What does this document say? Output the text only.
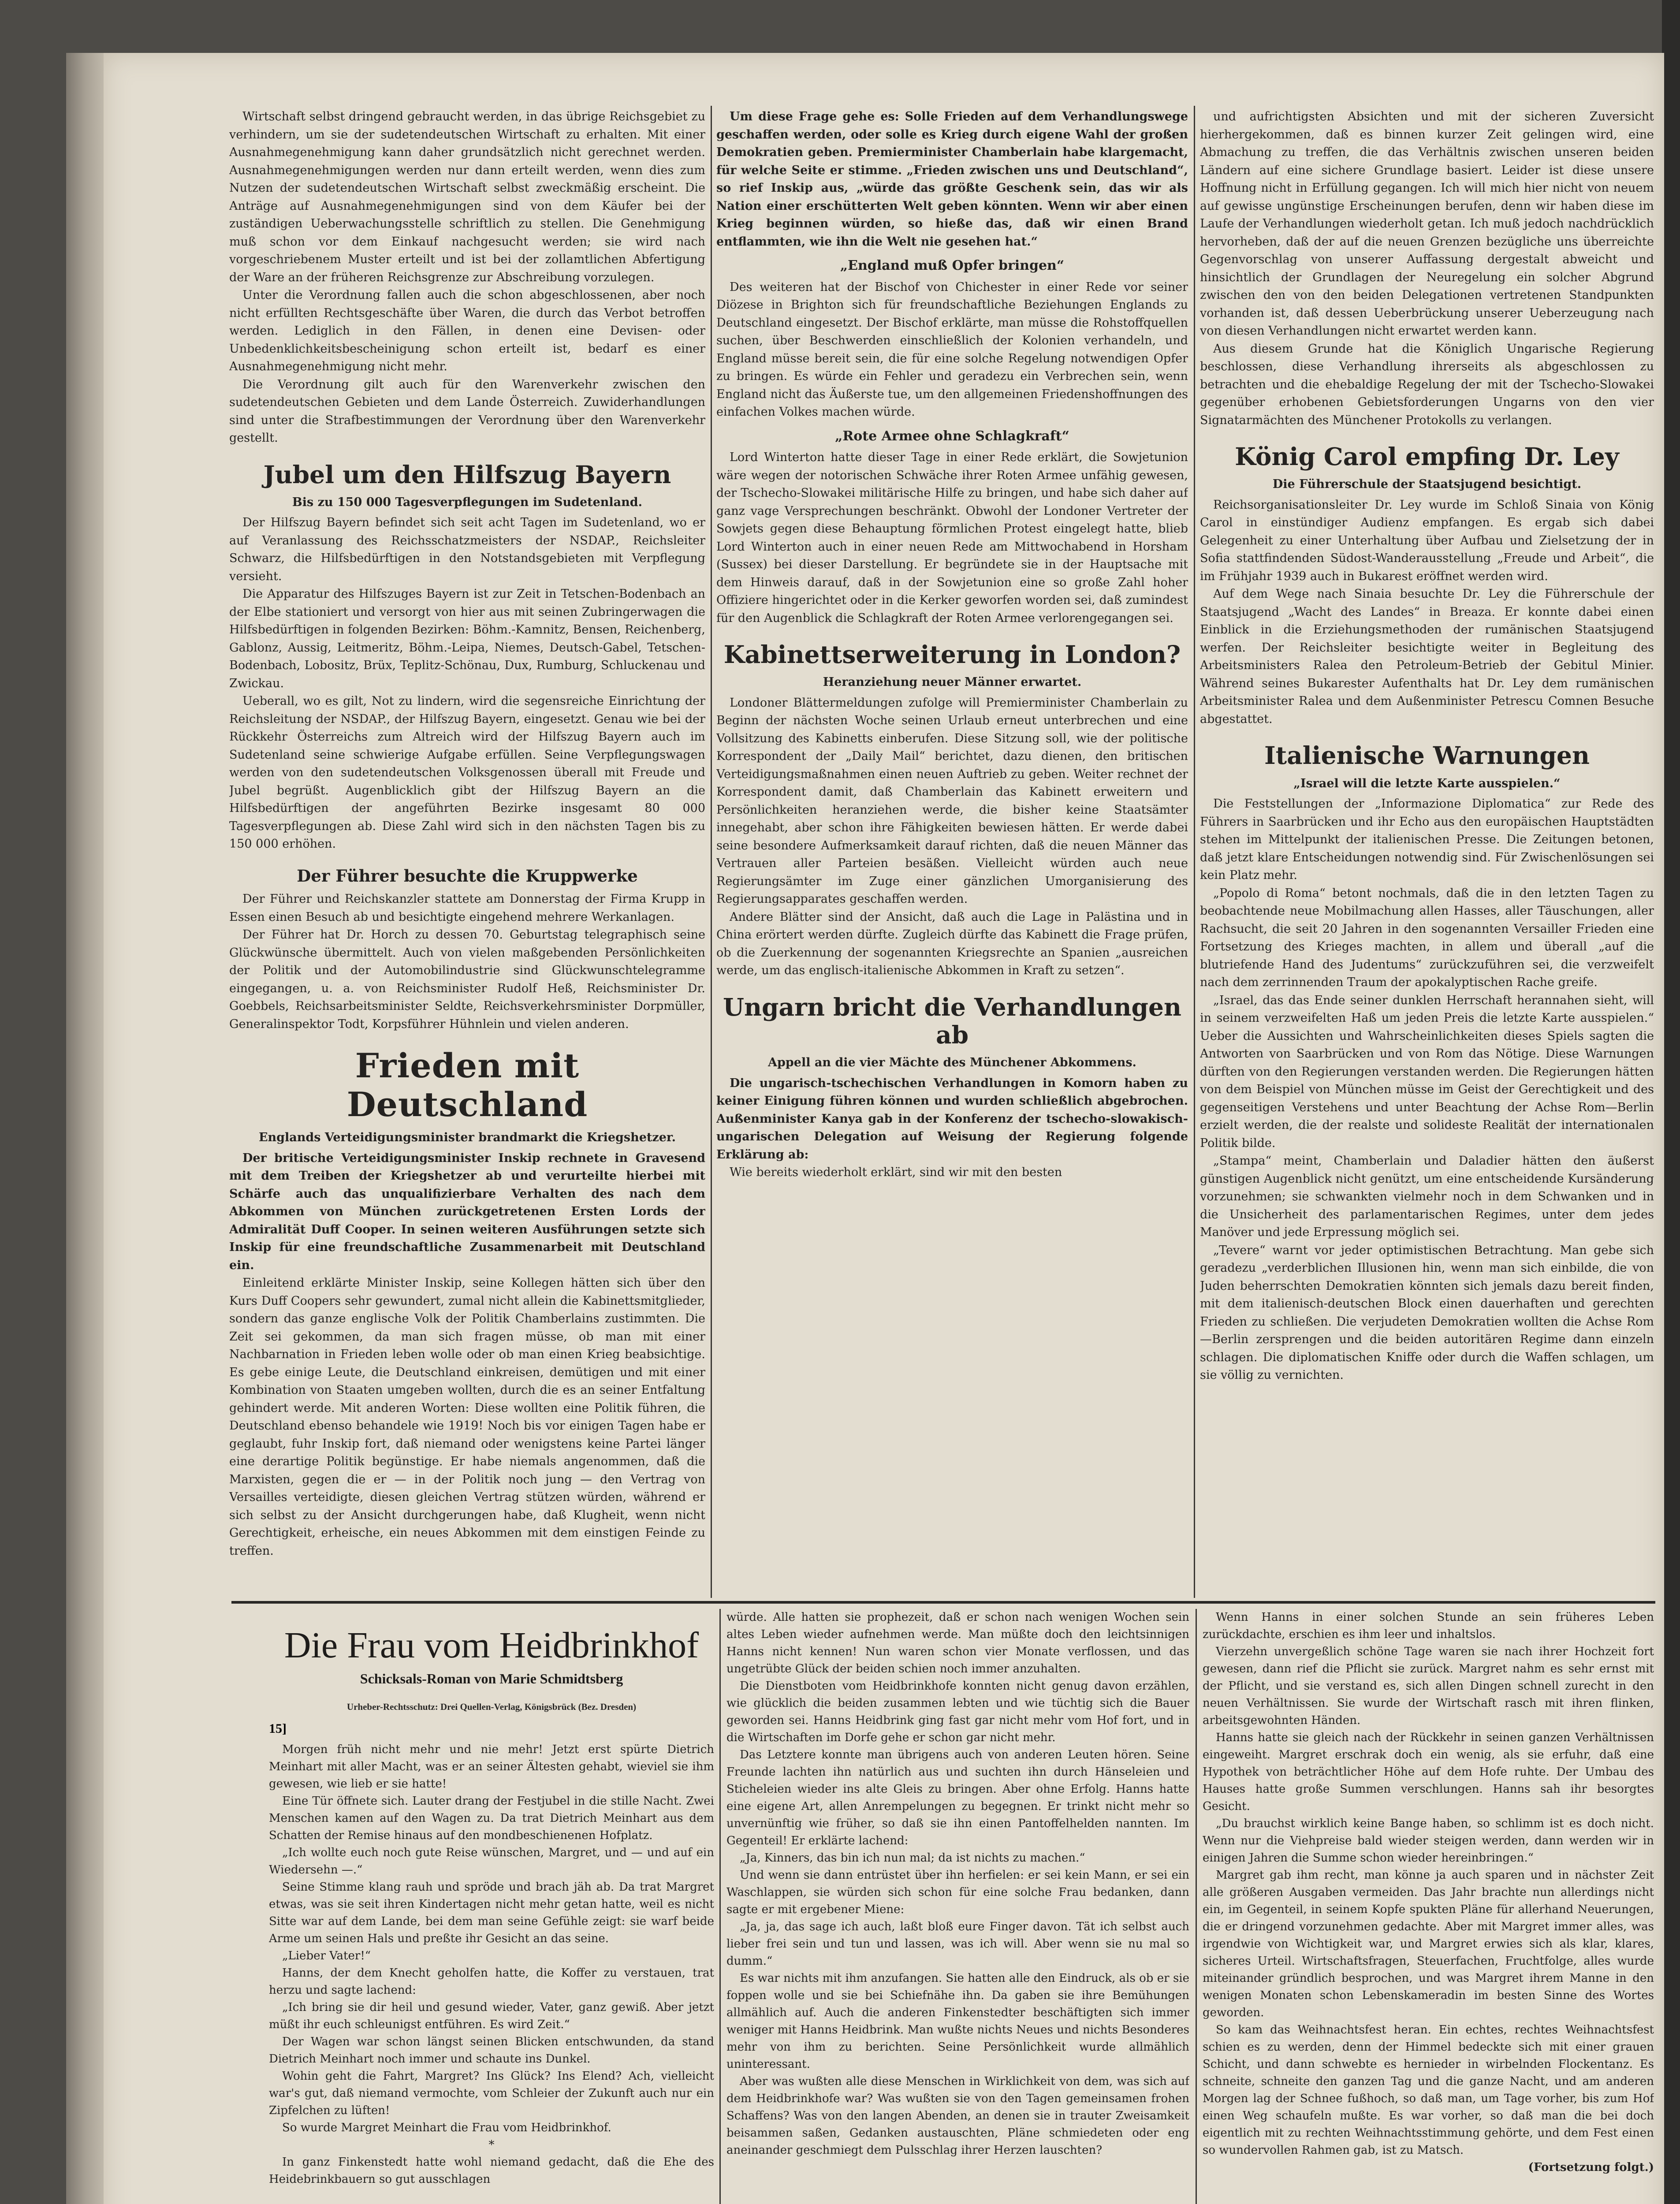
Wirtschaft selbst dringend gebraucht werden, in das übrige Reichsgebiet zu verhindern, um sie der sudetendeutschen Wirtschaft zu erhalten. Mit einer Ausnahmegenehmigung kann daher grundsätzlich nicht gerechnet werden. Ausnahmegenehmigungen werden nur dann erteilt werden, wenn dies zum Nutzen der sudetendeutschen Wirtschaft selbst zweckmäßig erscheint. Die Anträge auf Ausnahmegenehmigungen sind von dem Käufer bei der zuständigen Ueberwachungsstelle schriftlich zu stellen. Die Genehmigung muß schon vor dem Einkauf nachgesucht werden; sie wird nach vorgeschriebenem Muster erteilt und ist bei der zollamtlichen Abfertigung der Ware an der früheren Reichsgrenze zur Abschreibung vorzulegen.

Unter die Verordnung fallen auch die schon abgeschlossenen, aber noch nicht erfüllten Rechtsgeschäfte über Waren, die durch das Verbot betroffen werden. Lediglich in den Fällen, in denen eine Devisen- oder Unbedenklichkeitsbescheinigung schon erteilt ist, bedarf es einer Ausnahmegenehmigung nicht mehr.

Die Verordnung gilt auch für den Warenverkehr zwischen den sudetendeutschen Gebieten und dem Lande Österreich. Zuwiderhandlungen sind unter die Strafbestimmungen der Verordnung über den Warenverkehr gestellt.

Jubel um den Hilfszug Bayern

Bis zu 150 000 Tagesverpflegungen im Sudetenland.

Der Hilfszug Bayern befindet sich seit acht Tagen im Sudetenland, wo er auf Veranlassung des Reichsschatzmeisters der NSDAP., Reichsleiter Schwarz, die Hilfsbedürftigen in den Notstandsgebieten mit Verpflegung versieht.

Die Apparatur des Hilfszuges Bayern ist zur Zeit in Tetschen-Bodenbach an der Elbe stationiert und versorgt von hier aus mit seinen Zubringerwagen die Hilfsbedürftigen in folgenden Bezirken: Böhm.-Kamnitz, Bensen, Reichenberg, Gablonz, Aussig, Leitmeritz, Böhm.-Leipa, Niemes, Deutsch-Gabel, Tetschen-Bodenbach, Lobositz, Brüx, Teplitz-Schönau, Dux, Rumburg, Schluckenau und Zwickau.

Ueberall, wo es gilt, Not zu lindern, wird die segensreiche Einrichtung der Reichsleitung der NSDAP., der Hilfszug Bayern, eingesetzt. Genau wie bei der Rückkehr Österreichs zum Altreich wird der Hilfszug Bayern auch im Sudetenland seine schwierige Aufgabe erfüllen. Seine Verpflegungswagen werden von den sudetendeutschen Volksgenossen überall mit Freude und Jubel begrüßt. Augenblicklich gibt der Hilfszug Bayern an die Hilfsbedürftigen der angeführten Bezirke insgesamt 80 000 Tagesverpflegungen ab. Diese Zahl wird sich in den nächsten Tagen bis zu 150 000 erhöhen.

Der Führer besuchte die Kruppwerke

Der Führer und Reichskanzler stattete am Donnerstag der Firma Krupp in Essen einen Besuch ab und besichtigte eingehend mehrere Werkanlagen.

Der Führer hat Dr. Horch zu dessen 70. Geburtstag telegraphisch seine Glückwünsche übermittelt. Auch von vielen maßgebenden Persönlichkeiten der Politik und der Automobilindustrie sind Glückwunschtelegramme eingegangen, u. a. von Reichsminister Rudolf Heß, Reichsminister Dr. Goebbels, Reichsarbeitsminister Seldte, Reichsverkehrsminister Dorpmüller, Generalinspektor Todt, Korpsführer Hühnlein und vielen anderen.

Frieden mit Deutschland

Englands Verteidigungsminister brandmarkt die Kriegshetzer.

Der britische Verteidigungsminister Inskip rechnete in Gravesend mit dem Treiben der Kriegshetzer ab und verurteilte hierbei mit Schärfe auch das unqualifizierbare Verhalten des nach dem Abkommen von München zurückgetretenen Ersten Lords der Admiralität Duff Cooper. In seinen weiteren Ausführungen setzte sich Inskip für eine freundschaftliche Zusammenarbeit mit Deutschland ein.

Einleitend erklärte Minister Inskip, seine Kollegen hätten sich über den Kurs Duff Coopers sehr gewundert, zumal nicht allein die Kabinettsmitglieder, sondern das ganze englische Volk der Politik Chamberlains zustimmten. Die Zeit sei gekommen, da man sich fragen müsse, ob man mit einer Nachbarnation in Frieden leben wolle oder ob man einen Krieg beabsichtige. Es gebe einige Leute, die Deutschland einkreisen, demütigen und mit einer Kombination von Staaten umgeben wollten, durch die es an seiner Entfaltung gehindert werde. Mit anderen Worten: Diese wollten eine Politik führen, die Deutschland ebenso behandele wie 1919! Noch bis vor einigen Tagen habe er geglaubt, fuhr Inskip fort, daß niemand oder wenigstens keine Partei länger eine derartige Politik begünstige. Er habe niemals angenommen, daß die Marxisten, gegen die er — in der Politik noch jung — den Vertrag von Versailles verteidigte, diesen gleichen Vertrag stützen würden, während er sich selbst zu der Ansicht durchgerungen habe, daß Klugheit, wenn nicht Gerechtigkeit, erheische, ein neues Abkommen mit dem einstigen Feinde zu treffen.

Um diese Frage gehe es: Solle Frieden auf dem Verhandlungswege geschaffen werden, oder solle es Krieg durch eigene Wahl der großen Demokratien geben. Premierminister Chamberlain habe klargemacht, für welche Seite er stimme. „Frieden zwischen uns und Deutschland“, so rief Inskip aus, „würde das größte Geschenk sein, das wir als Nation einer erschütterten Welt geben könnten. Wenn wir aber einen Krieg beginnen würden, so hieße das, daß wir einen Brand entflammten, wie ihn die Welt nie gesehen hat.“

„England muß Opfer bringen“

Des weiteren hat der Bischof von Chichester in einer Rede vor seiner Diözese in Brighton sich für freundschaftliche Beziehungen Englands zu Deutschland eingesetzt. Der Bischof erklärte, man müsse die Rohstoffquellen suchen, über Beschwerden einschließlich der Kolonien verhandeln, und England müsse bereit sein, die für eine solche Regelung notwendigen Opfer zu bringen. Es würde ein Fehler und geradezu ein Verbrechen sein, wenn England nicht das Äußerste tue, um den allgemeinen Friedenshoffnungen des einfachen Volkes machen würde.

„Rote Armee ohne Schlagkraft“

Lord Winterton hatte dieser Tage in einer Rede erklärt, die Sowjetunion wäre wegen der notorischen Schwäche ihrer Roten Armee unfähig gewesen, der Tschecho-Slowakei militärische Hilfe zu bringen, und habe sich daher auf ganz vage Versprechungen beschränkt. Obwohl der Londoner Vertreter der Sowjets gegen diese Behauptung förmlichen Protest eingelegt hatte, blieb Lord Winterton auch in einer neuen Rede am Mittwochabend in Horsham (Sussex) bei dieser Darstellung. Er begründete sie in der Hauptsache mit dem Hinweis darauf, daß in der Sowjetunion eine so große Zahl hoher Offiziere hingerichtet oder in die Kerker geworfen worden sei, daß zumindest für den Augenblick die Schlagkraft der Roten Armee verlorengegangen sei.

Kabinettserweiterung in London?

Heranziehung neuer Männer erwartet.

Londoner Blättermeldungen zufolge will Premierminister Chamberlain zu Beginn der nächsten Woche seinen Urlaub erneut unterbrechen und eine Vollsitzung des Kabinetts einberufen. Diese Sitzung soll, wie der politische Korrespondent der „Daily Mail“ berichtet, dazu dienen, den britischen Verteidigungsmaßnahmen einen neuen Auftrieb zu geben. Weiter rechnet der Korrespondent damit, daß Chamberlain das Kabinett erweitern und Persönlichkeiten heranziehen werde, die bisher keine Staatsämter innegehabt, aber schon ihre Fähigkeiten bewiesen hätten. Er werde dabei seine besondere Aufmerksamkeit darauf richten, daß die neuen Männer das Vertrauen aller Parteien besäßen. Vielleicht würden auch neue Regierungsämter im Zuge einer gänzlichen Umorganisierung des Regierungsapparates geschaffen werden.

Andere Blätter sind der Ansicht, daß auch die Lage in Palästina und in China erörtert werden dürfte. Zugleich dürfte das Kabinett die Frage prüfen, ob die Zuerkennung der sogenannten Kriegsrechte an Spanien „ausreichen werde, um das englisch-italienische Abkommen in Kraft zu setzen“.

Ungarn bricht die Verhandlungen ab

Appell an die vier Mächte des Münchener Abkommens.

Die ungarisch-tschechischen Verhandlungen in Komorn haben zu keiner Einigung führen können und wurden schließlich abgebrochen. Außenminister Kanya gab in der Konferenz der tschecho-slowakisch-ungarischen Delegation auf Weisung der Regierung folgende Erklärung ab:

Wie bereits wiederholt erklärt, sind wir mit den besten

und aufrichtigsten Absichten und mit der sicheren Zuversicht hierhergekommen, daß es binnen kurzer Zeit gelingen wird, eine Abmachung zu treffen, die das Verhältnis zwischen unseren beiden Ländern auf eine sichere Grundlage basiert. Leider ist diese unsere Hoffnung nicht in Erfüllung gegangen. Ich will mich hier nicht von neuem auf gewisse ungünstige Erscheinungen berufen, denn wir haben diese im Laufe der Verhandlungen wiederholt getan. Ich muß jedoch nachdrücklich hervorheben, daß der auf die neuen Grenzen bezügliche uns überreichte Gegenvorschlag von unserer Auffassung dergestalt abweicht und hinsichtlich der Grundlagen der Neuregelung ein solcher Abgrund zwischen den von den beiden Delegationen vertretenen Standpunkten vorhanden ist, daß dessen Ueberbrückung unserer Ueberzeugung nach von diesen Verhandlungen nicht erwartet werden kann.

Aus diesem Grunde hat die Königlich Ungarische Regierung beschlossen, diese Verhandlung ihrerseits als abgeschlossen zu betrachten und die ehebaldige Regelung der mit der Tschecho-Slowakei gegenüber erhobenen Gebietsforderungen Ungarns von den vier Signatarmächten des Münchener Protokolls zu verlangen.

König Carol empfing Dr. Ley

Die Führerschule der Staatsjugend besichtigt.

Reichsorganisationsleiter Dr. Ley wurde im Schloß Sinaia von König Carol in einstündiger Audienz empfangen. Es ergab sich dabei Gelegenheit zu einer Unterhaltung über Aufbau und Zielsetzung der in Sofia stattfindenden Südost-Wanderausstellung „Freude und Arbeit“, die im Frühjahr 1939 auch in Bukarest eröffnet werden wird.

Auf dem Wege nach Sinaia besuchte Dr. Ley die Führerschule der Staatsjugend „Wacht des Landes“ in Breaza. Er konnte dabei einen Einblick in die Erziehungsmethoden der rumänischen Staatsjugend werfen. Der Reichsleiter besichtigte weiter in Begleitung des Arbeitsministers Ralea den Petroleum-Betrieb der Gebitul Minier. Während seines Bukarester Aufenthalts hat Dr. Ley dem rumänischen Arbeitsminister Ralea und dem Außenminister Petrescu Comnen Besuche abgestattet.

Italienische Warnungen

„Israel will die letzte Karte ausspielen.“

Die Feststellungen der „Informazione Diplomatica“ zur Rede des Führers in Saarbrücken und ihr Echo aus den europäischen Hauptstädten stehen im Mittelpunkt der italienischen Presse. Die Zeitungen betonen, daß jetzt klare Entscheidungen notwendig sind. Für Zwischenlösungen sei kein Platz mehr.

„Popolo di Roma“ betont nochmals, daß die in den letzten Tagen zu beobachtende neue Mobilmachung allen Hasses, aller Täuschungen, aller Rachsucht, die seit 20 Jahren in den sogenannten Versailler Frieden eine Fortsetzung des Krieges machten, in allem und überall „auf die blutriefende Hand des Judentums“ zurückzuführen sei, die verzweifelt nach dem zerrinnenden Traum der apokalyptischen Rache greife.

„Israel, das das Ende seiner dunklen Herrschaft herannahen sieht, will in seinem verzweifelten Haß um jeden Preis die letzte Karte ausspielen.“ Ueber die Aussichten und Wahrscheinlichkeiten dieses Spiels sagten die Antworten von Saarbrücken und von Rom das Nötige. Diese Warnungen dürften von den Regierungen verstanden werden. Die Regierungen hätten von dem Beispiel von München müsse im Geist der Gerechtigkeit und des gegenseitigen Verstehens und unter Beachtung der Achse Rom—Berlin erzielt werden, die der realste und solideste Realität der internationalen Politik bilde.

„Stampa“ meint, Chamberlain und Daladier hätten den äußerst günstigen Augenblick nicht genützt, um eine entscheidende Kursänderung vorzunehmen; sie schwankten vielmehr noch in dem Schwanken und in die Unsicherheit des parlamentarischen Regimes, unter dem jedes Manöver und jede Erpressung möglich sei.

„Tevere“ warnt vor jeder optimistischen Betrachtung. Man gebe sich geradezu „verderblichen Illusionen hin, wenn man sich einbilde, die von Juden beherrschten Demokratien könnten sich jemals dazu bereit finden, mit dem italienisch-deutschen Block einen dauerhaften und gerechten Frieden zu schließen. Die verjudeten Demokratien wollten die Achse Rom—Berlin zersprengen und die beiden autoritären Regime dann einzeln schlagen. Die diplomatischen Kniffe oder durch die Waffen schlagen, um sie völlig zu vernichten.

Die Frau vom Heidbrinkhof
Schicksals-Roman von Marie Schmidtsberg
Urheber-Rechtsschutz: Drei Quellen-Verlag, Königsbrück (Bez. Dresden)
15]

Morgen früh nicht mehr und nie mehr! Jetzt erst spürte Dietrich Meinhart mit aller Macht, was er an seiner Ältesten gehabt, wieviel sie ihm gewesen, wie lieb er sie hatte!

Eine Tür öffnete sich. Lauter drang der Festjubel in die stille Nacht. Zwei Menschen kamen auf den Wagen zu. Da trat Dietrich Meinhart aus dem Schatten der Remise hinaus auf den mondbeschienenen Hofplatz.

„Ich wollte euch noch gute Reise wünschen, Margret, und — und auf ein Wiedersehn —.“

Seine Stimme klang rauh und spröde und brach jäh ab. Da trat Margret etwas, was sie seit ihren Kindertagen nicht mehr getan hatte, weil es nicht Sitte war auf dem Lande, bei dem man seine Gefühle zeigt: sie warf beide Arme um seinen Hals und preßte ihr Gesicht an das seine.

„Lieber Vater!“

Hanns, der dem Knecht geholfen hatte, die Koffer zu verstauen, trat herzu und sagte lachend:

„Ich bring sie dir heil und gesund wieder, Vater, ganz gewiß. Aber jetzt müßt ihr euch schleunigst entführen. Es wird Zeit.“

Der Wagen war schon längst seinen Blicken entschwunden, da stand Dietrich Meinhart noch immer und schaute ins Dunkel.

Wohin geht die Fahrt, Margret? Ins Glück? Ins Elend? Ach, vielleicht war's gut, daß niemand vermochte, vom Schleier der Zukunft auch nur ein Zipfelchen zu lüften!

So wurde Margret Meinhart die Frau vom Heidbrinkhof.

*

In ganz Finkenstedt hatte wohl niemand gedacht, daß die Ehe des Heidebrinkbauern so gut ausschlagen

würde. Alle hatten sie prophezeit, daß er schon nach wenigen Wochen sein altes Leben wieder aufnehmen werde. Man müßte doch den leichtsinnigen Hanns nicht kennen! Nun waren schon vier Monate verflossen, und das ungetrübte Glück der beiden schien noch immer anzuhalten.

Die Dienstboten vom Heidbrinkhofe konnten nicht genug davon erzählen, wie glücklich die beiden zusammen lebten und wie tüchtig sich die Bauer geworden sei. Hanns Heidbrink ging fast gar nicht mehr vom Hof fort, und in die Wirtschaften im Dorfe gehe er schon gar nicht mehr.

Das Letztere konnte man übrigens auch von anderen Leuten hören. Seine Freunde lachten ihn natürlich aus und suchten ihn durch Hänseleien und Sticheleien wieder ins alte Gleis zu bringen. Aber ohne Erfolg. Hanns hatte eine eigene Art, allen Anrempelungen zu begegnen. Er trinkt nicht mehr so unvernünftig wie früher, so daß sie ihn einen Pantoffelhelden nannten. Im Gegenteil! Er erklärte lachend:

„Ja, Kinners, das bin ich nun mal; da ist nichts zu machen.“

Und wenn sie dann entrüstet über ihn herfielen: er sei kein Mann, er sei ein Waschlappen, sie würden sich schon für eine solche Frau bedanken, dann sagte er mit ergebener Miene:

„Ja, ja, das sage ich auch, laßt bloß eure Finger davon. Tät ich selbst auch lieber frei sein und tun und lassen, was ich will. Aber wenn sie nu mal so dumm.“

Es war nichts mit ihm anzufangen. Sie hatten alle den Eindruck, als ob er sie foppen wolle und sie bei Schiefnähe ihn. Da gaben sie ihre Bemühungen allmählich auf. Auch die anderen Finkenstedter beschäftigten sich immer weniger mit Hanns Heidbrink. Man wußte nichts Neues und nichts Besonderes mehr von ihm zu berichten. Seine Persönlichkeit wurde allmählich uninteressant.

Aber was wußten alle diese Menschen in Wirklichkeit von dem, was sich auf dem Heidbrinkhofe war? Was wußten sie von den Tagen gemeinsamen frohen Schaffens? Was von den langen Abenden, an denen sie in trauter Zweisamkeit beisammen saßen, Gedanken austauschten, Pläne schmiedeten oder eng aneinander geschmiegt dem Pulsschlag ihrer Herzen lauschten?

Wenn Hanns in einer solchen Stunde an sein früheres Leben zurückdachte, erschien es ihm leer und inhaltslos.

Vierzehn unvergeßlich schöne Tage waren sie nach ihrer Hochzeit fort gewesen, dann rief die Pflicht sie zurück. Margret nahm es sehr ernst mit der Pflicht, und sie verstand es, sich allen Dingen schnell zurecht in den neuen Verhältnissen. Sie wurde der Wirtschaft rasch mit ihren flinken, arbeitsgewohnten Händen.

Hanns hatte sie gleich nach der Rückkehr in seinen ganzen Verhältnissen eingeweiht. Margret erschrak doch ein wenig, als sie erfuhr, daß eine Hypothek von beträchtlicher Höhe auf dem Hofe ruhte. Der Umbau des Hauses hatte große Summen verschlungen. Hanns sah ihr besorgtes Gesicht.

„Du brauchst wirklich keine Bange haben, so schlimm ist es doch nicht. Wenn nur die Viehpreise bald wieder steigen werden, dann werden wir in einigen Jahren die Summe schon wieder hereinbringen.“

Margret gab ihm recht, man könne ja auch sparen und in nächster Zeit alle größeren Ausgaben vermeiden. Das Jahr brachte nun allerdings nicht ein, im Gegenteil, in seinem Kopfe spukten Pläne für allerhand Neuerungen, die er dringend vorzunehmen gedachte. Aber mit Margret immer alles, was irgendwie von Wichtigkeit war, und Margret erwies sich als klar, klares, sicheres Urteil. Wirtschaftsfragen, Steuerfachen, Fruchtfolge, alles wurde miteinander gründlich besprochen, und was Margret ihrem Manne in den wenigen Monaten schon Lebenskameradin im besten Sinne des Wortes geworden.

So kam das Weihnachtsfest heran. Ein echtes, rechtes Weihnachtsfest schien es zu werden, denn der Himmel bedeckte sich mit einer grauen Schicht, und dann schwebte es hernieder in wirbelnden Flockentanz. Es schneite, schneite den ganzen Tag und die ganze Nacht, und am anderen Morgen lag der Schnee fußhoch, so daß man, um Tage vorher, bis zum Hof einen Weg schaufeln mußte. Es war vorher, so daß man die bei doch eigentlich mit zu rechten Weihnachtsstimmung gehörte, und dem Fest einen so wundervollen Rahmen gab, ist zu Matsch.

(Fortsetzung folgt.)
